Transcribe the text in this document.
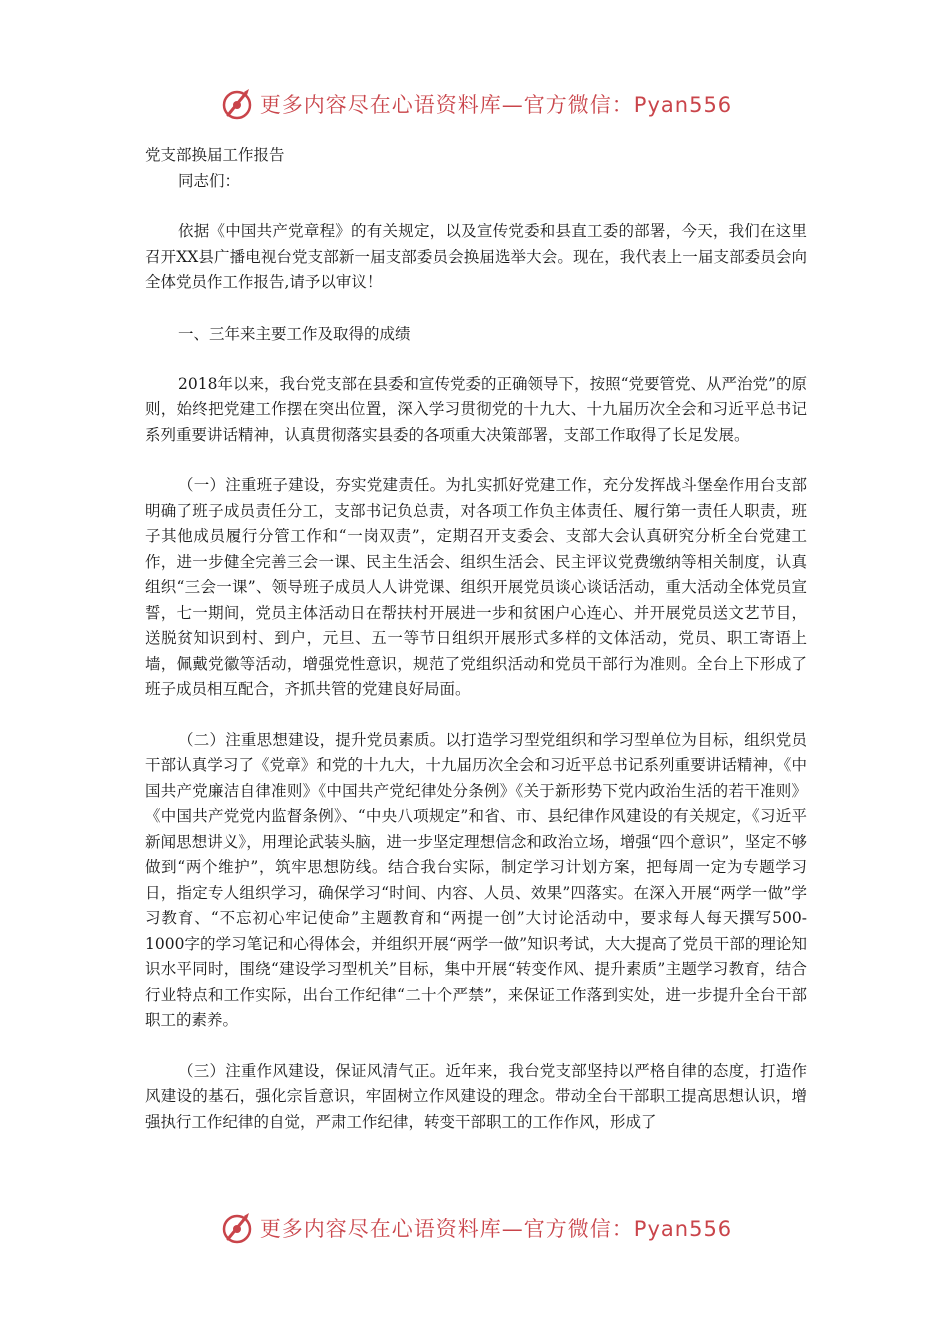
更多内容尽在心语资料库—官方微信：Pyan556

党支部换届工作报告

同志们：

依据《中国共产党章程》的有关规定，以及宣传党委和县直工委的部署，今天，我们在这里召开XX县广播电视台党支部新一届支部委员会换届选举大会。现在，我代表上一届支部委员会向全体党员作工作报告,请予以审议！

一、三年来主要工作及取得的成绩

2018年以来，我台党支部在县委和宣传党委的正确领导下，按照“党要管党、从严治党”的原则，始终把党建工作摆在突出位置，深入学习贯彻党的十九大、十九届历次全会和习近平总书记系列重要讲话精神，认真贯彻落实县委的各项重大决策部署，支部工作取得了长足发展。

（一）注重班子建设，夯实党建责任。为扎实抓好党建工作，充分发挥战斗堡垒作用台支部明确了班子成员责任分工，支部书记负总责，对各项工作负主体责任、履行第一责任人职责，班子其他成员履行分管工作和“一岗双责”，定期召开支委会、支部大会认真研究分析全台党建工作，进一步健全完善三会一课、民主生活会、组织生活会、民主评议党费缴纳等相关制度，认真组织“三会一课”、领导班子成员人人讲党课、组织开展党员谈心谈话活动，重大活动全体党员宣誓，七一期间，党员主体活动日在帮扶村开展进一步和贫困户心连心、并开展党员送文艺节目，送脱贫知识到村、到户，元旦、五一等节日组织开展形式多样的文体活动，党员、职工寄语上墙，佩戴党徽等活动，增强党性意识，规范了党组织活动和党员干部行为准则。全台上下形成了班子成员相互配合，齐抓共管的党建良好局面。

（二）注重思想建设，提升党员素质。以打造学习型党组织和学习型单位为目标，组织党员干部认真学习了《党章》和党的十九大，十九届历次全会和习近平总书记系列重要讲话精神，《中国共产党廉洁自律准则》《中国共产党纪律处分条例》《关于新形势下党内政治生活的若干准则》《中国共产党党内监督条例》、“中央八项规定”和省、市、县纪律作风建设的有关规定，《习近平新闻思想讲义》，用理论武装头脑，进一步坚定理想信念和政治立场，增强“四个意识”，坚定不够做到“两个维护”，筑牢思想防线。结合我台实际，制定学习计划方案，把每周一定为专题学习日，指定专人组织学习，确保学习“时间、内容、人员、效果”四落实。在深入开展“两学一做”学习教育、“不忘初心牢记使命”主题教育和“两提一创”大讨论活动中，要求每人每天撰写500-1000字的学习笔记和心得体会，并组织开展“两学一做”知识考试，大大提高了党员干部的理论知识水平同时，围绕“建设学习型机关”目标，集中开展“转变作风、提升素质”主题学习教育，结合行业特点和工作实际，出台工作纪律“二十个严禁”，来保证工作落到实处，进一步提升全台干部职工的素养。

（三）注重作风建设，保证风清气正。近年来，我台党支部坚持以严格自律的态度，打造作风建设的基石，强化宗旨意识，牢固树立作风建设的理念。带动全台干部职工提高思想认识，增强执行工作纪律的自觉，严肃工作纪律，转变干部职工的工作作风，形成了

更多内容尽在心语资料库—官方微信：Pyan556
